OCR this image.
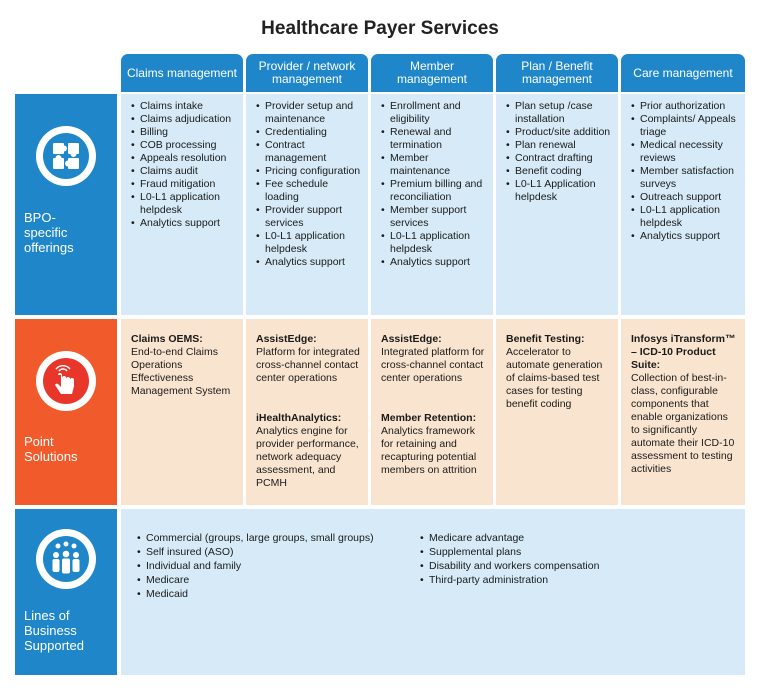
Healthcare Payer Services
Claims management	Provider / network management
Member management
Plan / Benefit management	Care management
BPO-
specific
offerings
Point
Solutions
Lines of
Business
Supported
• Claims intake
• Claims adjudication
• Billing
• COB processing
• Appeals resolution
• Claims audit
• Fraud mitigation
• L0-L1 application helpdesk
• Analytics support
• Provider setup and maintenance
• Credentialing
• Contract management
• Pricing configuration
• Fee schedule loading
• Provider support services
• L0-L1 application helpdesk
• Analytics support
• Enrollment and eligibility
• Renewal and termination
• Member maintenance
• Premium billing and reconciliation
• Member support services
• L0-L1 application helpdesk
• Analytics support
• Plan setup /case installation
• Product/site addition
• Plan renewal
• Contract drafting
• Benefit coding
• L0-L1 Application helpdesk
• Prior authorization
• Complaints/ Appeals triage
• Medical necessity reviews
• Member satisfaction surveys
• Outreach support
• L0-L1 application helpdesk
• Analytics support
Claims OEMS:
End-to-end Claims Operations Effectiveness Management System
AssistEdge:
Platform for integrated cross-channel contact center operations
iHealthAnalytics:
Analytics engine for provider performance, network adequacy assessment, and PCMH
AssistEdge:
Integrated platform for cross-channel contact center operations
Member Retention:
Analytics framework for retaining and recapturing potential members on attrition
Benefit Testing:
Accelerator to automate generation of claims-based test cases for testing benefit coding
Infosys iTransform™ – ICD-10 Product Suite:
Collection of best-in-class, configurable components that enable organizations to significantly automate their ICD-10 assessment to testing activities
• Commercial (groups, large groups, small groups)
• Self insured (ASO)
• Individual and family
• Medicare
• Medicaid
• Medicare advantage
• Supplemental plans
• Disability and workers compensation
• Third-party administration
